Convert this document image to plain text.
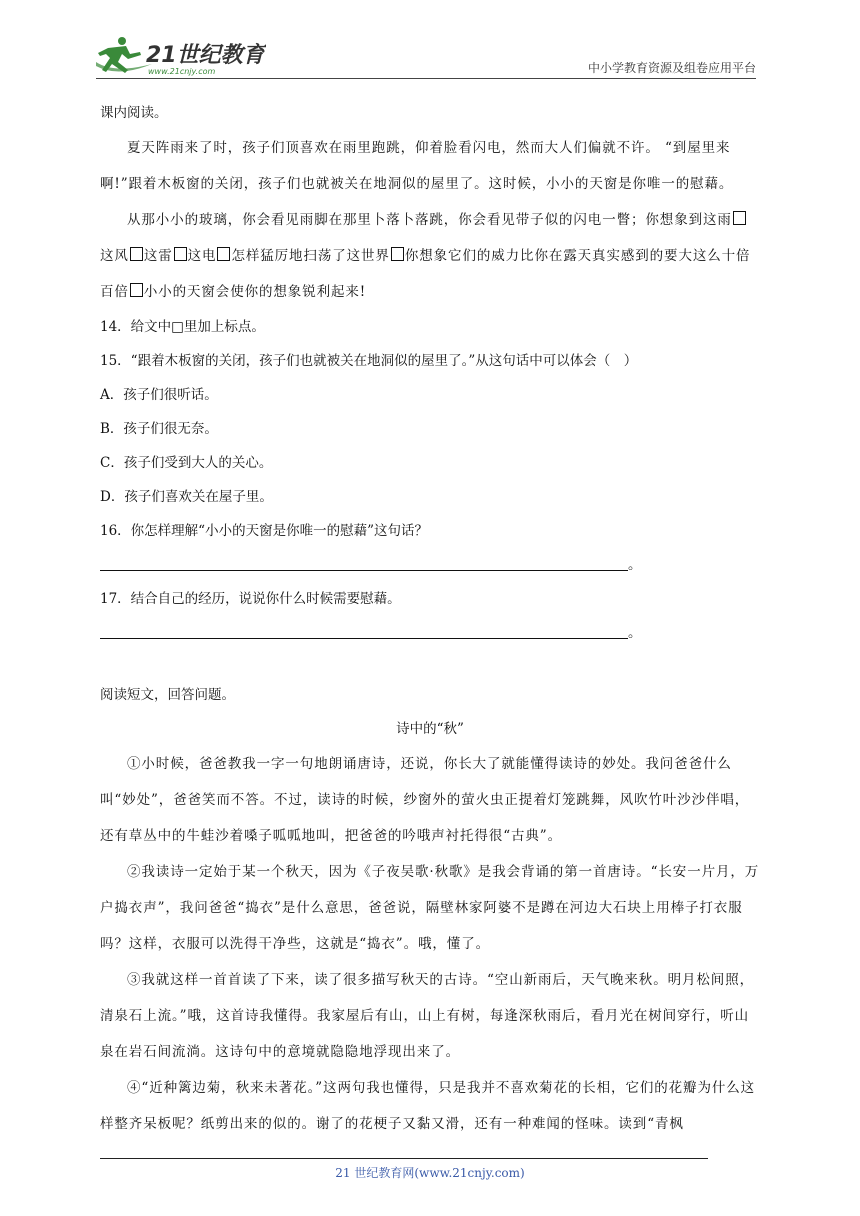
21世纪教育
www.21cnjy.com	中小学教育资源及组卷应用平台

课内阅读。

夏天阵雨来了时，孩子们顶喜欢在雨里跑跳，仰着脸看闪电，然而大人们偏就不许。 “到屋里来啊!”跟着木板窗的关闭，孩子们也就被关在地洞似的屋里了。这时候，小小的天窗是你唯一的慰藉。

从那小小的玻璃，你会看见雨脚在那里卜落卜落跳，你会看见带子似的闪电一瞥；你想象到这雨这风 这雷 这电 怎样猛厉地扫荡了这世界 你想象它们的威力比你在露天真实感到的要大这么十倍百倍 小小的天窗会使你的想象锐利起来!

14．给文中□里加上标点。

15．“跟着木板窗的关闭，孩子们也就被关在地洞似的屋里了。”从这句话中可以体会（　）

A．孩子们很听话。

B．孩子们很无奈。

C．孩子们受到大人的关心。

D．孩子们喜欢关在屋子里。

16．你怎样理解“小小的天窗是你唯一的慰藉”这句话？

。

17．结合自己的经历，说说你什么时候需要慰藉。

。

阅读短文，回答问题。

诗中的“秋”

①小时候，爸爸教我一字一句地朗诵唐诗，还说，你长大了就能懂得读诗的妙处。我问爸爸什么叫“妙处”，爸爸笑而不答。不过，读诗的时候，纱窗外的萤火虫正提着灯笼跳舞，风吹竹叶沙沙伴唱，还有草丛中的牛蛙沙着嗓子呱呱地叫，把爸爸的吟哦声衬托得很“古典”。

②我读诗一定始于某一个秋天，因为《子夜吴歌·秋歌》是我会背诵的第一首唐诗。“长安一片月，万户捣衣声”，我问爸爸“捣衣”是什么意思，爸爸说，隔壁林家阿婆不是蹲在河边大石块上用棒子打衣服吗？这样，衣服可以洗得干净些，这就是“捣衣”。哦，懂了。

③我就这样一首首读了下来，读了很多描写秋天的古诗。“空山新雨后，天气晚来秋。明月松间照，清泉石上流。”哦，这首诗我懂得。我家屋后有山，山上有树，每逢深秋雨后，看月光在树间穿行，听山泉在岩石间流淌。这诗句中的意境就隐隐地浮现出来了。

④“近种篱边菊，秋来未著花。”这两句我也懂得，只是我并不喜欢菊花的长相，它们的花瓣为什么这样整齐呆板呢？纸剪出来的似的。谢了的花梗子又黏又滑，还有一种难闻的怪味。读到“青枫

21 世纪教育网(www.21cnjy.com)
